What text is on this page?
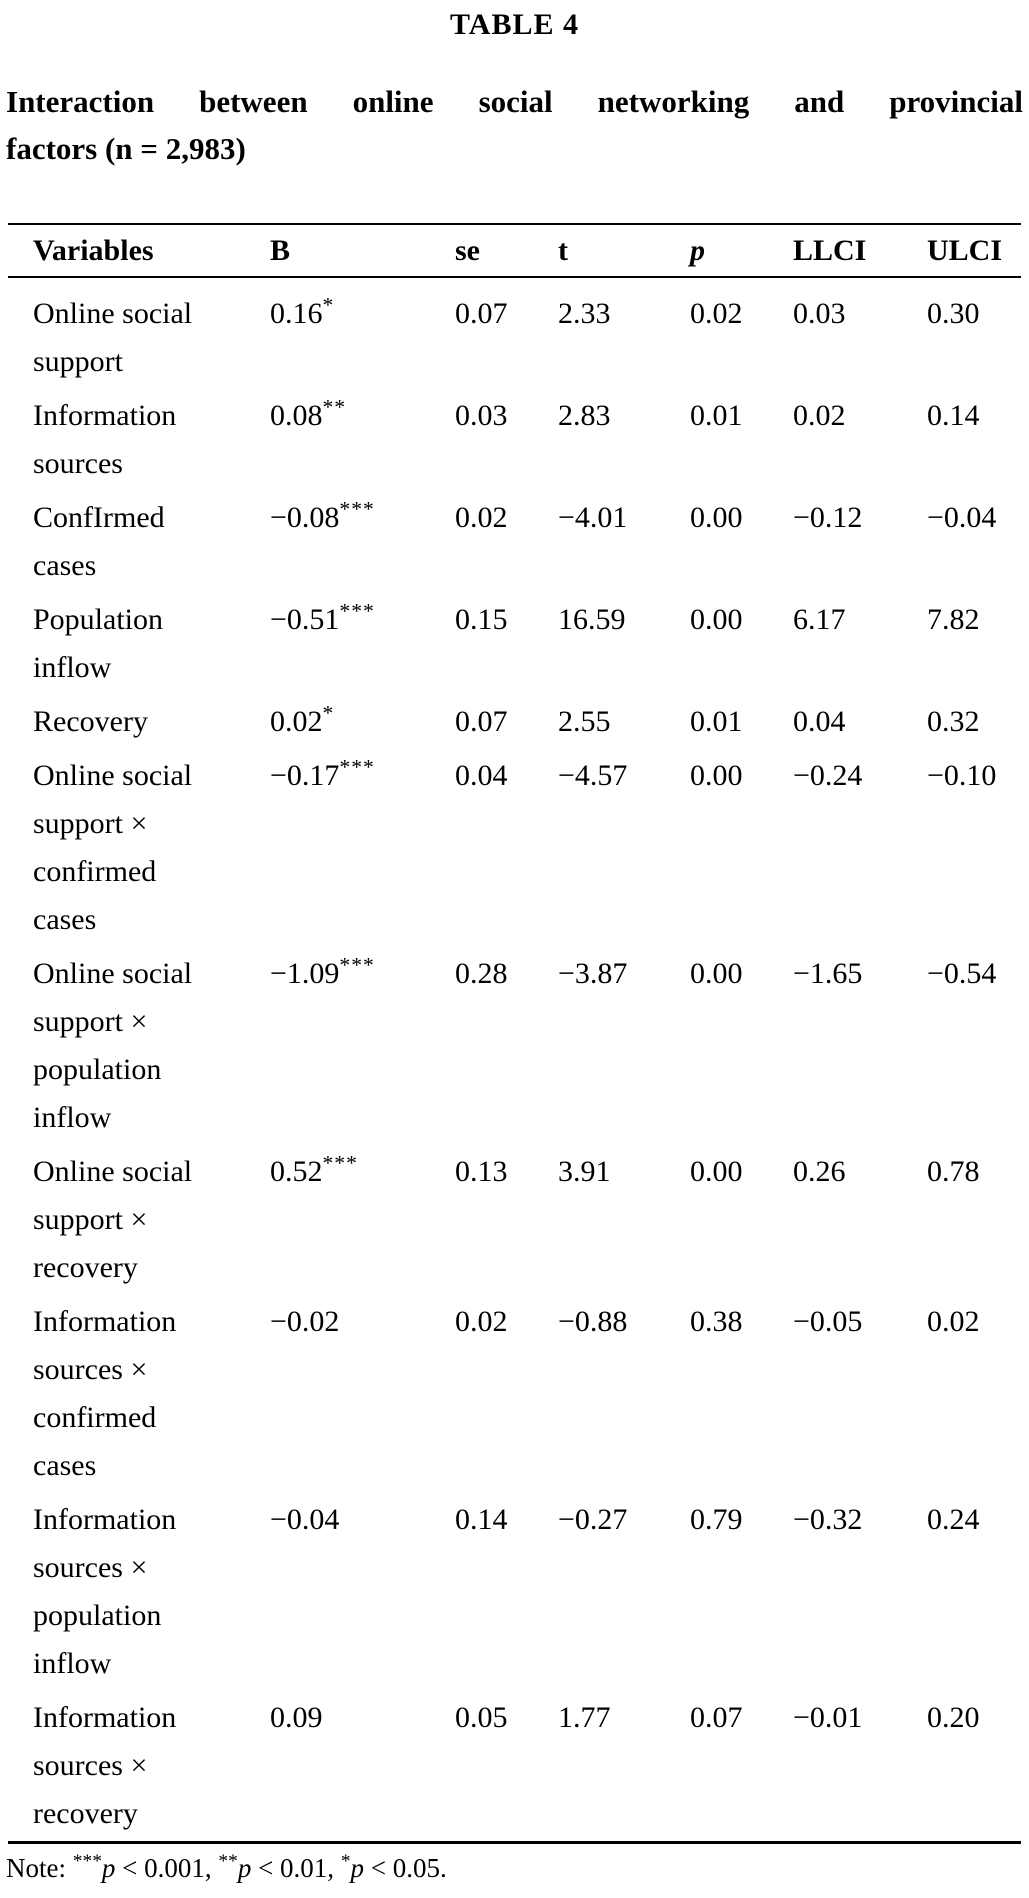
TABLE 4
Interaction between online social networking and provincial
factors (n = 2,983)
Variables	B	se	t	p	LLCI	ULCI
Online social support	0.16*	0.07	2.33	0.02	0.03	0.30
Information sources	0.08**	0.03	2.83	0.01	0.02	0.14
ConfIrmed cases	−0.08***	0.02	−4.01	0.00	−0.12	−0.04
Population inflow	−0.51***	0.15	16.59	0.00	6.17	7.82
Recovery	0.02*	0.07	2.55	0.01	0.04	0.32
Online social support × confirmed cases	−0.17***	0.04	−4.57	0.00	−0.24	−0.10
Online social support × population inflow	−1.09***	0.28	−3.87	0.00	−1.65	−0.54
Online social support × recovery	0.52***	0.13	3.91	0.00	0.26	0.78
Information sources × confirmed cases	−0.02	0.02	−0.88	0.38	−0.05	0.02
Information sources × population inflow	−0.04	0.14	−0.27	0.79	−0.32	0.24
Information sources × recovery	0.09	0.05	1.77	0.07	−0.01	0.20
Note: ***p < 0.001, **p < 0.01, *p < 0.05.
